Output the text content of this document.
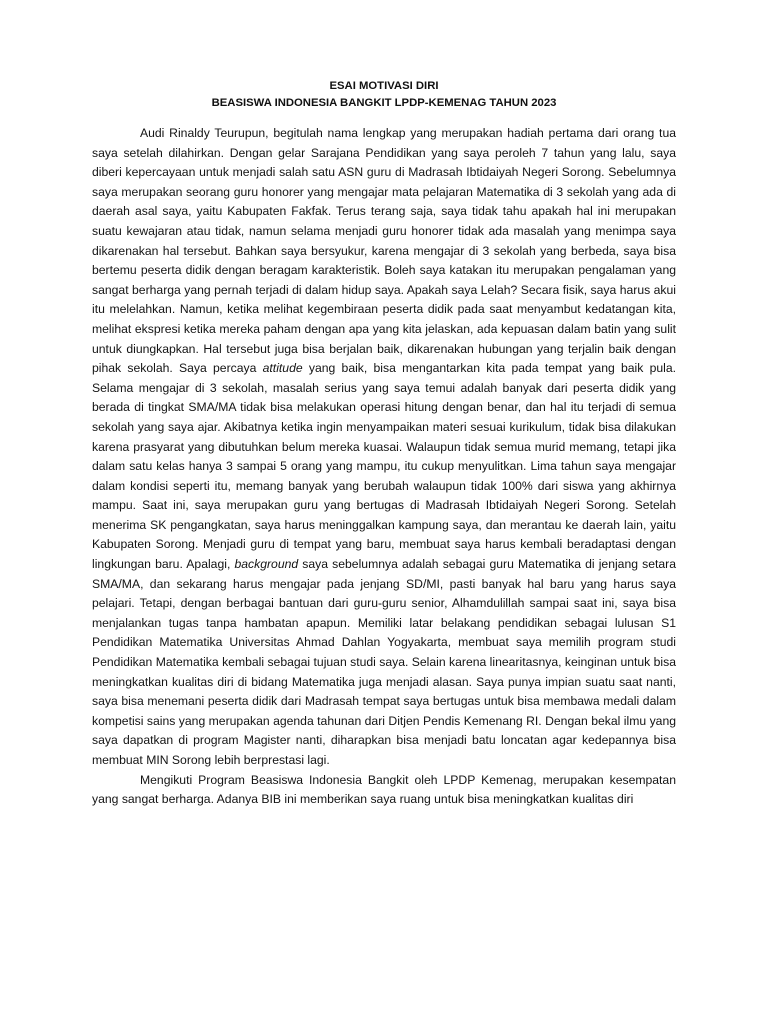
ESAI MOTIVASI DIRI
BEASISWA INDONESIA BANGKIT LPDP-KEMENAG TAHUN 2023

Audi Rinaldy Teurupun, begitulah nama lengkap yang merupakan hadiah pertama dari orang tua saya setelah dilahirkan. Dengan gelar Sarajana Pendidikan yang saya peroleh 7 tahun yang lalu, saya diberi kepercayaan untuk menjadi salah satu ASN guru di Madrasah Ibtidaiyah Negeri Sorong. Sebelumnya saya merupakan seorang guru honorer yang mengajar mata pelajaran Matematika di 3 sekolah yang ada di daerah asal saya, yaitu Kabupaten Fakfak. Terus terang saja, saya tidak tahu apakah hal ini merupakan suatu kewajaran atau tidak, namun selama menjadi guru honorer tidak ada masalah yang menimpa saya dikarenakan hal tersebut. Bahkan saya bersyukur, karena mengajar di 3 sekolah yang berbeda, saya bisa bertemu peserta didik dengan beragam karakteristik. Boleh saya katakan itu merupakan pengalaman yang sangat berharga yang pernah terjadi di dalam hidup saya. Apakah saya Lelah? Secara fisik, saya harus akui itu melelahkan. Namun, ketika melihat kegembiraan peserta didik pada saat menyambut kedatangan kita, melihat ekspresi ketika mereka paham dengan apa yang kita jelaskan, ada kepuasan dalam batin yang sulit untuk diungkapkan. Hal tersebut juga bisa berjalan baik, dikarenakan hubungan yang terjalin baik dengan pihak sekolah. Saya percaya attitude yang baik, bisa mengantarkan kita pada tempat yang baik pula. Selama mengajar di 3 sekolah, masalah serius yang saya temui adalah banyak dari peserta didik yang berada di tingkat SMA/MA tidak bisa melakukan operasi hitung dengan benar, dan hal itu terjadi di semua sekolah yang saya ajar. Akibatnya ketika ingin menyampaikan materi sesuai kurikulum, tidak bisa dilakukan karena prasyarat yang dibutuhkan belum mereka kuasai. Walaupun tidak semua murid memang, tetapi jika dalam satu kelas hanya 3 sampai 5 orang yang mampu, itu cukup menyulitkan. Lima tahun saya mengajar dalam kondisi seperti itu, memang banyak yang berubah walaupun tidak 100% dari siswa yang akhirnya mampu. Saat ini, saya merupakan guru yang bertugas di Madrasah Ibtidaiyah Negeri Sorong. Setelah menerima SK pengangkatan, saya harus meninggalkan kampung saya, dan merantau ke daerah lain, yaitu Kabupaten Sorong. Menjadi guru di tempat yang baru, membuat saya harus kembali beradaptasi dengan lingkungan baru. Apalagi, background saya sebelumnya adalah sebagai guru Matematika di jenjang setara SMA/MA, dan sekarang harus mengajar pada jenjang SD/MI, pasti banyak hal baru yang harus saya pelajari. Tetapi, dengan berbagai bantuan dari guru-guru senior, Alhamdulillah sampai saat ini, saya bisa menjalankan tugas tanpa hambatan apapun. Memiliki latar belakang pendidikan sebagai lulusan S1 Pendidikan Matematika Universitas Ahmad Dahlan Yogyakarta, membuat saya memilih program studi Pendidikan Matematika kembali sebagai tujuan studi saya. Selain karena linearitasnya, keinginan untuk bisa meningkatkan kualitas diri di bidang Matematika juga menjadi alasan. Saya punya impian suatu saat nanti, saya bisa menemani peserta didik dari Madrasah tempat saya bertugas untuk bisa membawa medali dalam kompetisi sains yang merupakan agenda tahunan dari Ditjen Pendis Kemenang RI. Dengan bekal ilmu yang saya dapatkan di program Magister nanti, diharapkan bisa menjadi batu loncatan agar kedepannya bisa membuat MIN Sorong lebih berprestasi lagi.

Mengikuti Program Beasiswa Indonesia Bangkit oleh LPDP Kemenag, merupakan kesempatan yang sangat berharga. Adanya BIB ini memberikan saya ruang untuk bisa meningkatkan kualitas diri
